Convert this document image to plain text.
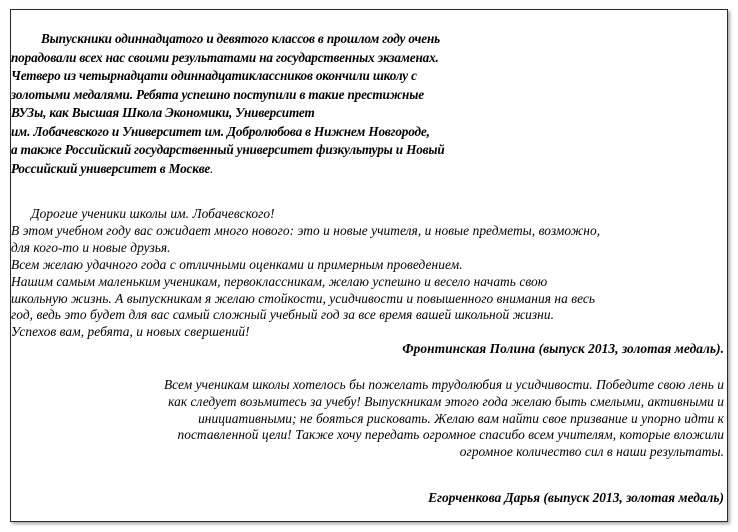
Выпускники одиннадцатого и девятого классов в прошлом году очень
порадовали всех нас своими результатами на государственных экзаменах.
Четверо из четырнадцати одиннадцатиклассников окончили школу с
золотыми медалями. Ребята успешно поступили в такие престижные
ВУЗы, как Высшая Школа Экономики, Университет
им. Лобачевского и Университет им. Добролюбова в Нижнем Новгороде,
а также Российский государственный университет физкультуры и Новый
Российский университет в Москве.
Дорогие ученики школы им. Лобачевского!
В этом учебном году вас ожидает много нового: это и новые учителя, и новые предметы, возможно,
для кого-то и новые друзья.
Всем желаю удачного года с отличными оценками и примерным проведением.
Нашим самым маленьким ученикам, первоклассникам, желаю успешно и весело начать свою
школьную жизнь. А выпускникам я желаю стойкости, усидчивости и повышенного внимания на весь
год, ведь это будет для вас самый сложный учебный год за все время вашей школьной жизни.
Успехов вам, ребята, и новых свершений!
Фронтинская Полина (выпуск 2013, золотая медаль).
Всем ученикам школы хотелось бы пожелать трудолюбия и усидчивости. Победите свою лень и
как следует возьмитесь за учебу! Выпускникам этого года желаю быть смелыми, активными и
инициативными; не бояться рисковать. Желаю вам найти свое призвание и упорно идти к
поставленной цели! Также хочу передать огромное спасибо всем учителям, которые вложили
огромное количество сил в наши результаты.
Егорченкова Дарья (выпуск 2013, золотая медаль)
